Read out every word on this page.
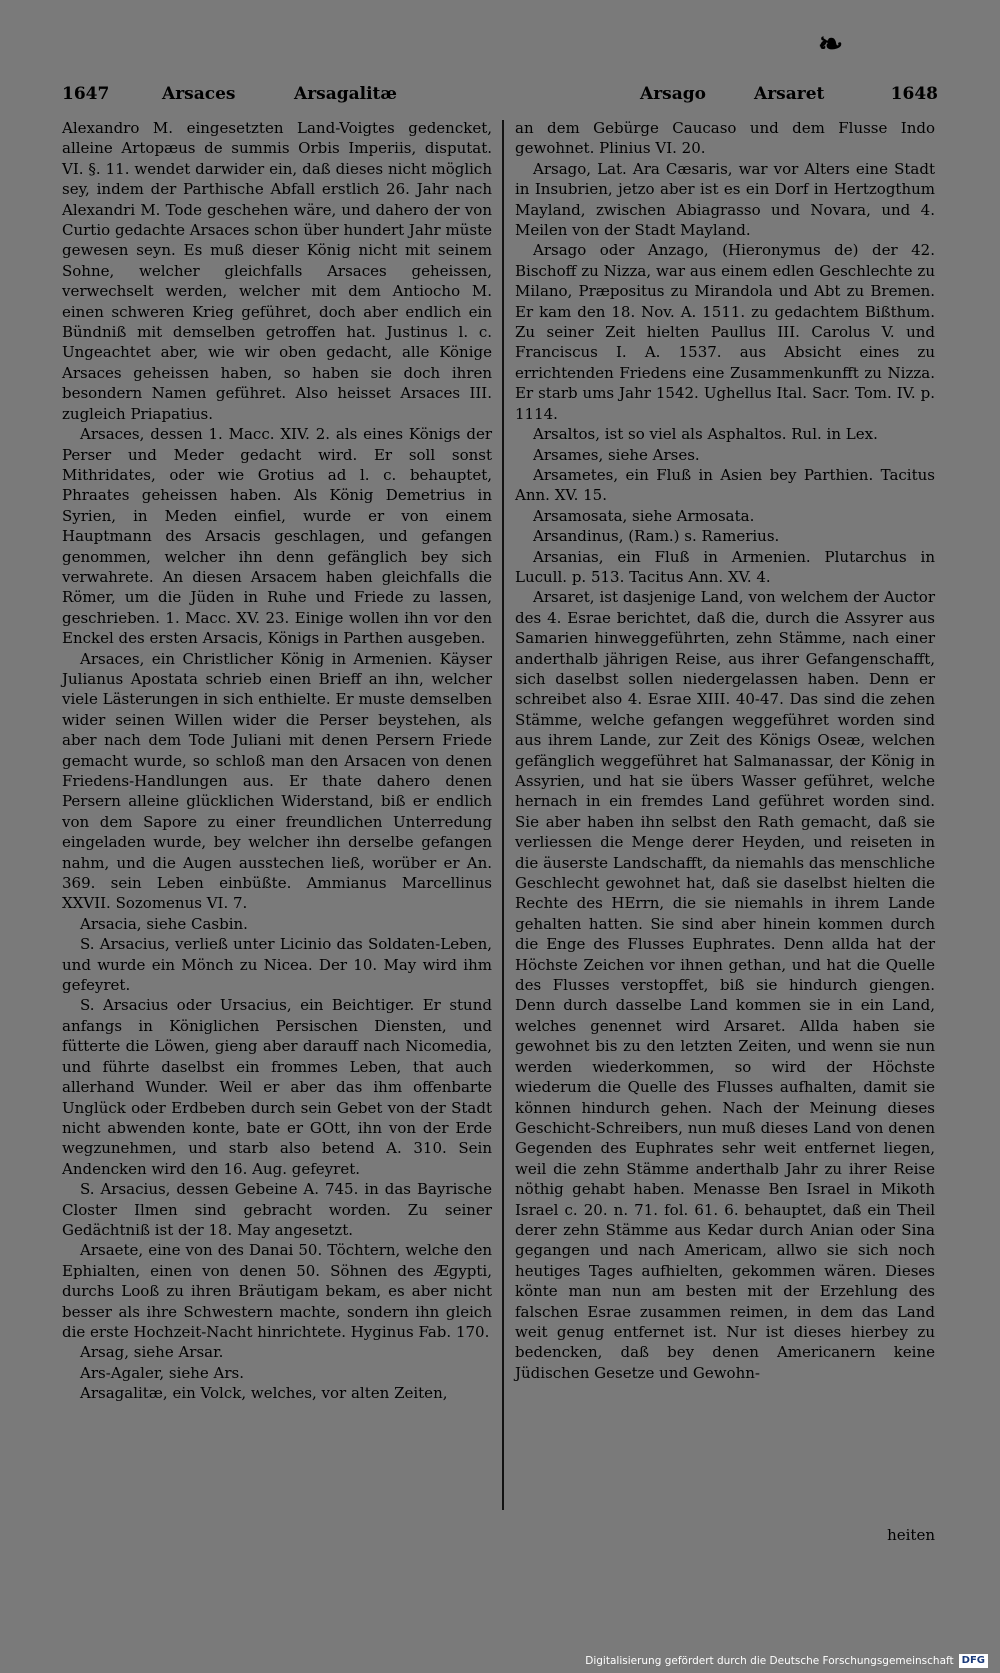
❧
1647	Arsaces	Arsagalitæ	Arsago	Arsaret	1648

Alexandro M. eingesetzten Land-Voigtes gedencket, alleine Artopæus de summis Orbis Imperiis, disputat. VI. §. 11. wendet darwider ein, daß dieses nicht möglich sey, indem der Parthische Abfall erstlich 26. Jahr nach Alexandri M. Tode geschehen wäre, und dahero der von Curtio gedachte Arsaces schon über hundert Jahr müste gewesen seyn. Es muß dieser König nicht mit seinem Sohne, welcher gleichfalls Arsaces geheissen, verwechselt werden, welcher mit dem Antiocho M. einen schweren Krieg geführet, doch aber endlich ein Bündniß mit demselben getroffen hat. Justinus l. c. Ungeachtet aber, wie wir oben gedacht, alle Könige Arsaces geheissen haben, so haben sie doch ihren besondern Namen geführet. Also heisset Arsaces III. zugleich Priapatius.

Arsaces, dessen 1. Macc. XIV. 2. als eines Königs der Perser und Meder gedacht wird. Er soll sonst Mithridates, oder wie Grotius ad l. c. behauptet, Phraates geheissen haben. Als König Demetrius in Syrien, in Meden einfiel, wurde er von einem Hauptmann des Arsacis geschlagen, und gefangen genommen, welcher ihn denn gefänglich bey sich verwahrete. An diesen Arsacem haben gleichfalls die Römer, um die Jüden in Ruhe und Friede zu lassen, geschrieben. 1. Macc. XV. 23. Einige wollen ihn vor den Enckel des ersten Arsacis, Königs in Parthen ausgeben.

Arsaces, ein Christlicher König in Armenien. Käyser Julianus Apostata schrieb einen Brieff an ihn, welcher viele Lästerungen in sich enthielte. Er muste demselben wider seinen Willen wider die Perser beystehen, als aber nach dem Tode Juliani mit denen Persern Friede gemacht wurde, so schloß man den Arsacen von denen Friedens-Handlungen aus. Er thate dahero denen Persern alleine glücklichen Widerstand, biß er endlich von dem Sapore zu einer freundlichen Unterredung eingeladen wurde, bey welcher ihn derselbe gefangen nahm, und die Augen ausstechen ließ, worüber er An. 369. sein Leben einbüßte. Ammianus Marcellinus XXVII. Sozomenus VI. 7.

Arsacia, siehe Casbin.

S. Arsacius, verließ unter Licinio das Soldaten-Leben, und wurde ein Mönch zu Nicea. Der 10. May wird ihm gefeyret.

S. Arsacius oder Ursacius, ein Beichtiger. Er stund anfangs in Königlichen Persischen Diensten, und fütterte die Löwen, gieng aber darauff nach Nicomedia, und führte daselbst ein frommes Leben, that auch allerhand Wunder. Weil er aber das ihm offenbarte Unglück oder Erdbeben durch sein Gebet von der Stadt nicht abwenden konte, bate er GOtt, ihn von der Erde wegzunehmen, und starb also betend A. 310. Sein Andencken wird den 16. Aug. gefeyret.

S. Arsacius, dessen Gebeine A. 745. in das Bayrische Closter Ilmen sind gebracht worden. Zu seiner Gedächtniß ist der 18. May angesetzt.

Arsaete, eine von des Danai 50. Töchtern, welche den Ephialten, einen von denen 50. Söhnen des Ægypti, durchs Looß zu ihren Bräutigam bekam, es aber nicht besser als ihre Schwestern machte, sondern ihn gleich die erste Hochzeit-Nacht hinrichtete. Hyginus Fab. 170.

Arsag, siehe Arsar.

Ars-Agaler, siehe Ars.

Arsagalitæ, ein Volck, welches, vor alten Zeiten,

an dem Gebürge Caucaso und dem Flusse Indo gewohnet. Plinius VI. 20.

Arsago, Lat. Ara Cæsaris, war vor Alters eine Stadt in Insubrien, jetzo aber ist es ein Dorf in Hertzogthum Mayland, zwischen Abiagrasso und Novara, und 4. Meilen von der Stadt Mayland.

Arsago oder Anzago, (Hieronymus de) der 42. Bischoff zu Nizza, war aus einem edlen Geschlechte zu Milano, Præpositus zu Mirandola und Abt zu Bremen. Er kam den 18. Nov. A. 1511. zu gedachtem Bißthum. Zu seiner Zeit hielten Paullus III. Carolus V. und Franciscus I. A. 1537. aus Absicht eines zu errichtenden Friedens eine Zusammenkunfft zu Nizza. Er starb ums Jahr 1542. Ughellus Ital. Sacr. Tom. IV. p. 1114.

Arsaltos, ist so viel als Asphaltos. Rul. in Lex.

Arsames, siehe Arses.

Arsametes, ein Fluß in Asien bey Parthien. Tacitus Ann. XV. 15.

Arsamosata, siehe Armosata.

Arsandinus, (Ram.) s. Ramerius.

Arsanias, ein Fluß in Armenien. Plutarchus in Lucull. p. 513. Tacitus Ann. XV. 4.

Arsaret, ist dasjenige Land, von welchem der Auctor des 4. Esrae berichtet, daß die, durch die Assyrer aus Samarien hinweggeführten, zehn Stämme, nach einer anderthalb jährigen Reise, aus ihrer Gefangenschafft, sich daselbst sollen niedergelassen haben. Denn er schreibet also 4. Esrae XIII. 40-47. Das sind die zehen Stämme, welche gefangen weggeführet worden sind aus ihrem Lande, zur Zeit des Königs Oseæ, welchen gefänglich weggeführet hat Salmanassar, der König in Assyrien, und hat sie übers Wasser geführet, welche hernach in ein fremdes Land geführet worden sind. Sie aber haben ihn selbst den Rath gemacht, daß sie verliessen die Menge derer Heyden, und reiseten in die äuserste Landschafft, da niemahls das menschliche Geschlecht gewohnet hat, daß sie daselbst hielten die Rechte des HErrn, die sie niemahls in ihrem Lande gehalten hatten. Sie sind aber hinein kommen durch die Enge des Flusses Euphrates. Denn allda hat der Höchste Zeichen vor ihnen gethan, und hat die Quelle des Flusses verstopffet, biß sie hindurch giengen. Denn durch dasselbe Land kommen sie in ein Land, welches genennet wird Arsaret. Allda haben sie gewohnet bis zu den letzten Zeiten, und wenn sie nun werden wiederkommen, so wird der Höchste wiederum die Quelle des Flusses aufhalten, damit sie können hindurch gehen. Nach der Meinung dieses Geschicht-Schreibers, nun muß dieses Land von denen Gegenden des Euphrates sehr weit entfernet liegen, weil die zehn Stämme anderthalb Jahr zu ihrer Reise nöthig gehabt haben. Menasse Ben Israel in Mikoth Israel c. 20. n. 71. fol. 61. 6. behauptet, daß ein Theil derer zehn Stämme aus Kedar durch Anian oder Sina gegangen und nach Americam, allwo sie sich noch heutiges Tages aufhielten, gekommen wären. Dieses könte man nun am besten mit der Erzehlung des falschen Esrae zusammen reimen, in dem das Land weit genug entfernet ist. Nur ist dieses hierbey zu bedencken, daß bey denen Americanern keine Jüdischen Gesetze und Gewohn-

heiten
Digitalisierung gefördert durch die Deutsche Forschungsgemeinschaft DFG
